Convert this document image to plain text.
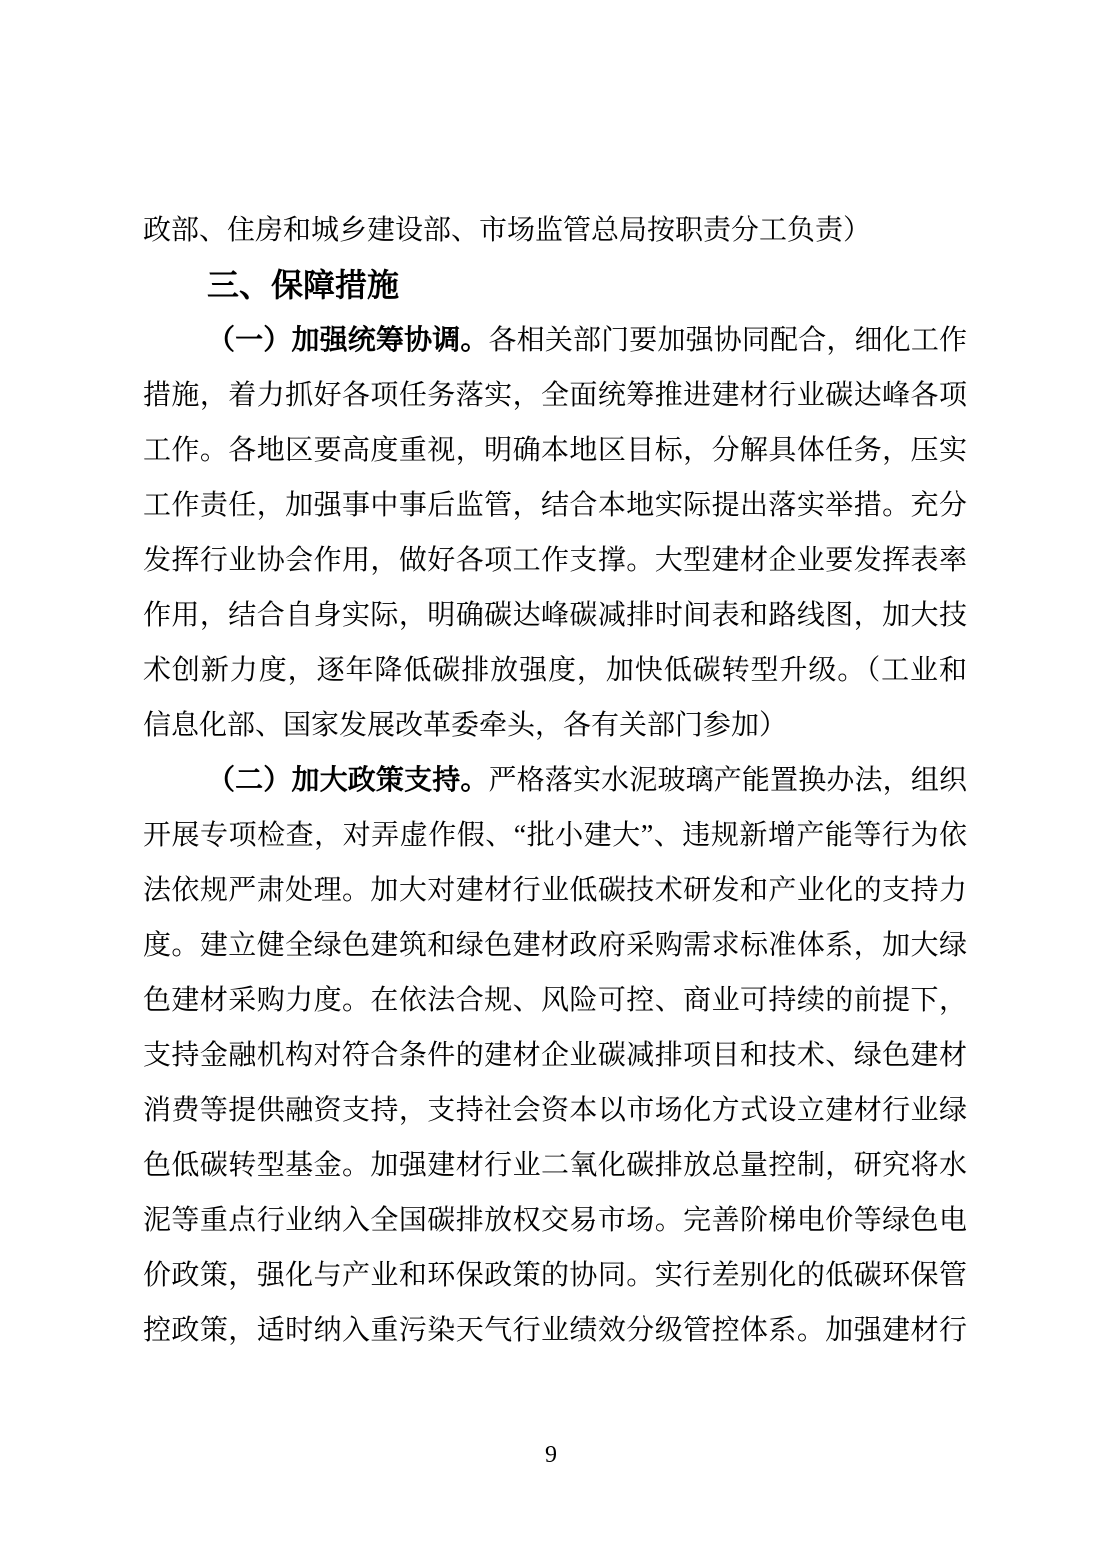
政部、住房和城乡建设部、市场监管总局按职责分工负责）
三、保障措施
（一）加强统筹协调。各相关部门要加强协同配合，细化工作
措施，着力抓好各项任务落实，全面统筹推进建材行业碳达峰各项
工作。各地区要高度重视，明确本地区目标，分解具体任务，压实
工作责任，加强事中事后监管，结合本地实际提出落实举措。充分
发挥行业协会作用，做好各项工作支撑。大型建材企业要发挥表率
作用，结合自身实际，明确碳达峰碳减排时间表和路线图，加大技
术创新力度，逐年降低碳排放强度，加快低碳转型升级。（工业和
信息化部、国家发展改革委牵头，各有关部门参加）
（二）加大政策支持。严格落实水泥玻璃产能置换办法，组织
开展专项检查，对弄虚作假、“批小建大”、违规新增产能等行为依
法依规严肃处理。加大对建材行业低碳技术研发和产业化的支持力
度。建立健全绿色建筑和绿色建材政府采购需求标准体系，加大绿
色建材采购力度。在依法合规、风险可控、商业可持续的前提下，
支持金融机构对符合条件的建材企业碳减排项目和技术、绿色建材
消费等提供融资支持，支持社会资本以市场化方式设立建材行业绿
色低碳转型基金。加强建材行业二氧化碳排放总量控制，研究将水
泥等重点行业纳入全国碳排放权交易市场。完善阶梯电价等绿色电
价政策，强化与产业和环保政策的协同。实行差别化的低碳环保管
控政策，适时纳入重污染天气行业绩效分级管控体系。加强建材行
9
